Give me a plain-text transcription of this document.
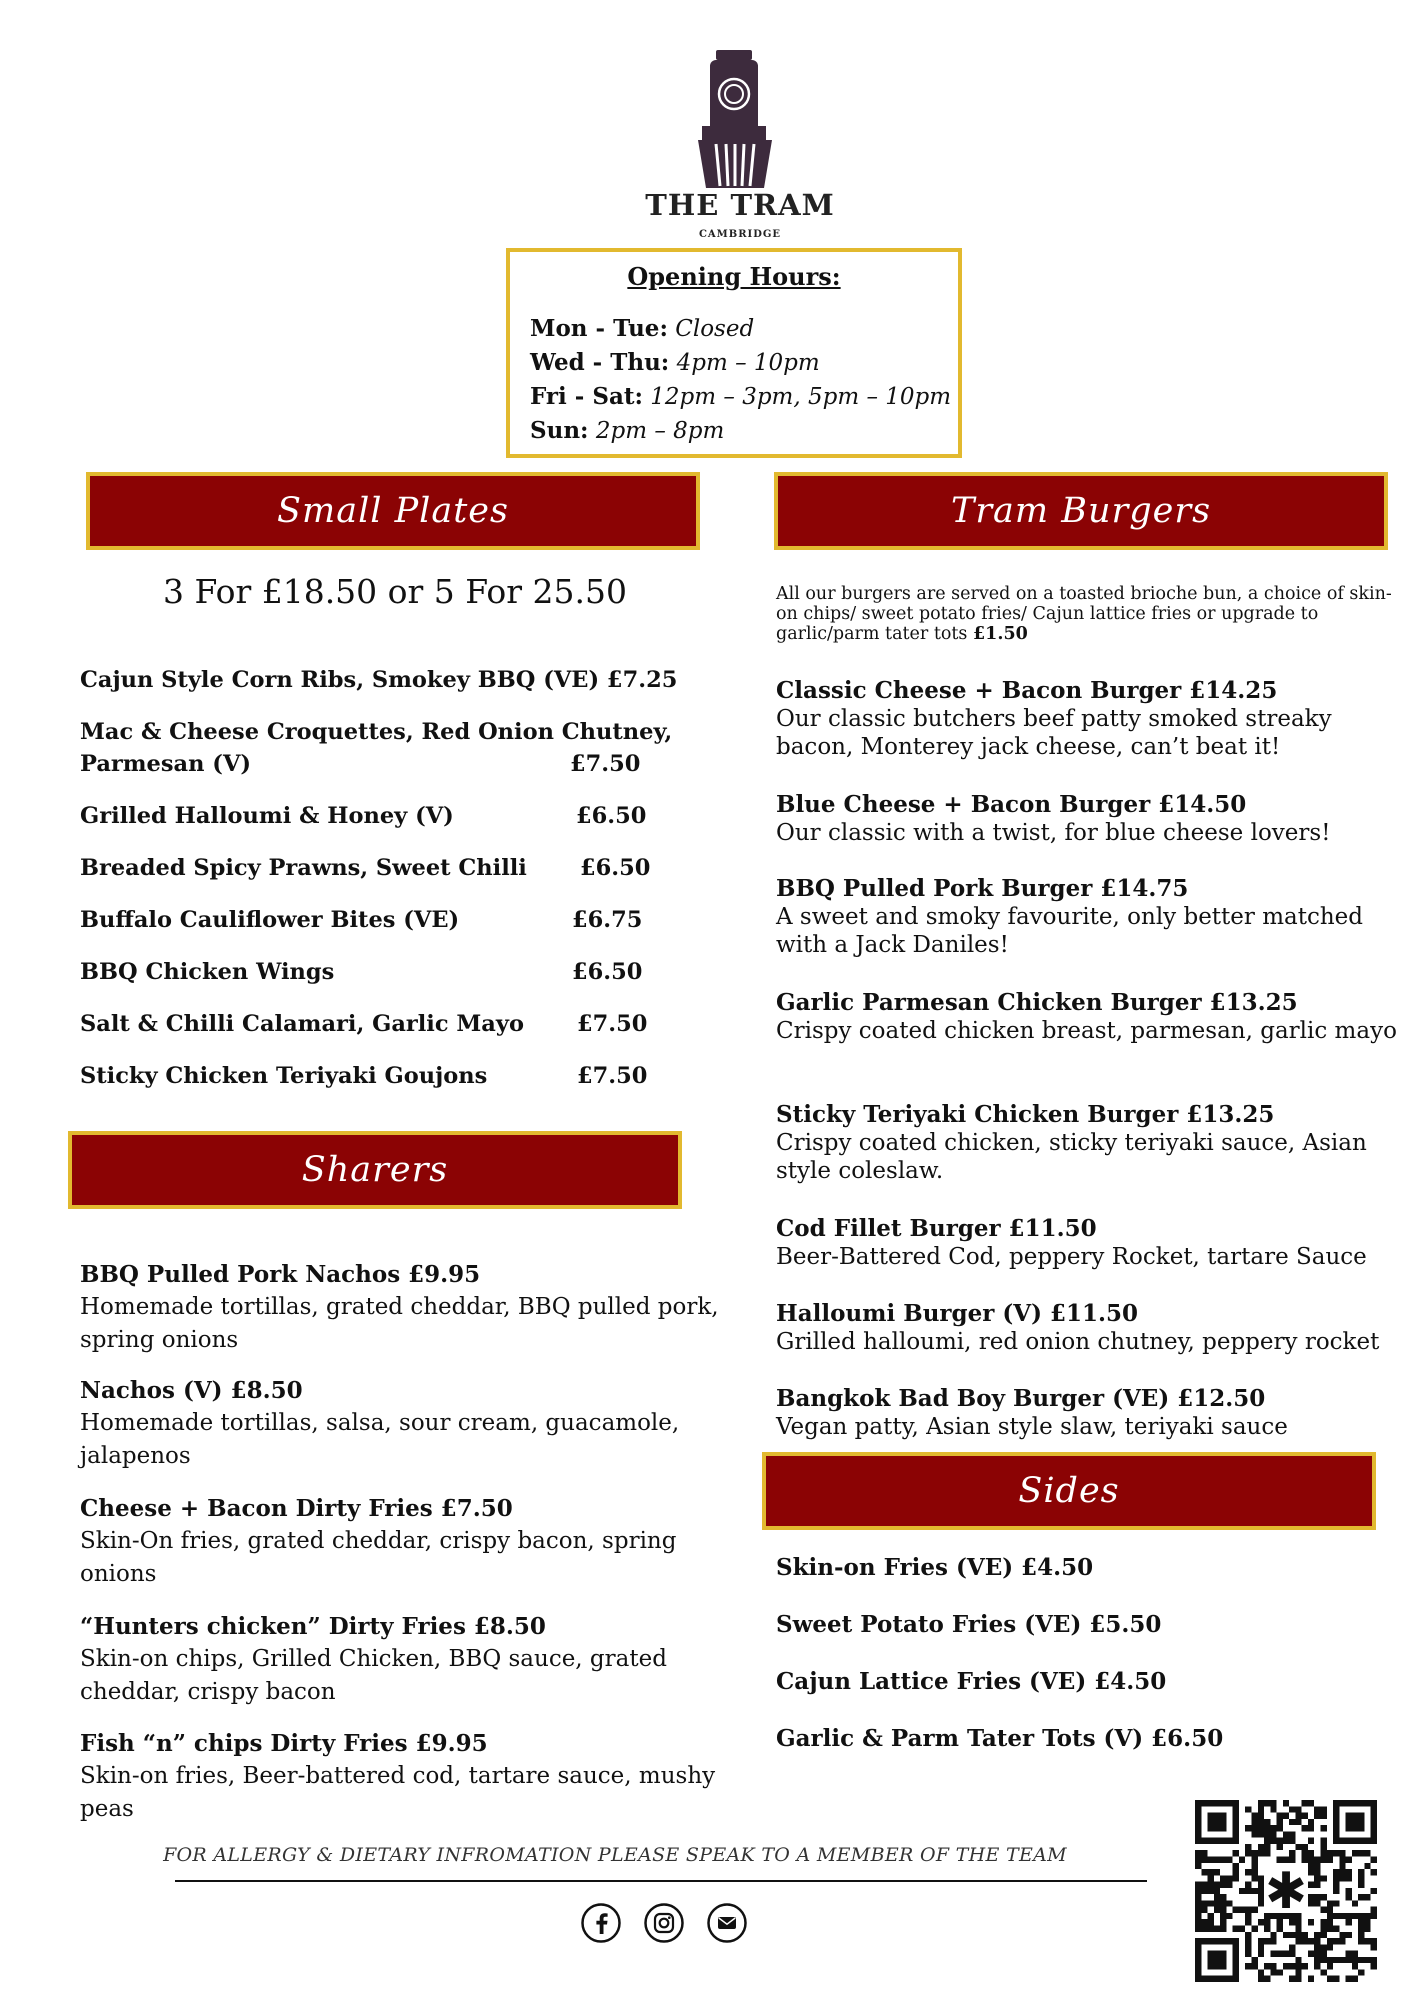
THE TRAM
CAMBRIDGE
Opening Hours:
Mon - Tue: Closed
Wed - Thu: 4pm – 10pm
Fri - Sat: 12pm – 3pm, 5pm – 10pm
Sun: 2pm – 8pm
Small Plates
3 For £18.50 or 5 For 25.50
Cajun Style Corn Ribs, Smokey BBQ (VE) £7.25
Mac & Cheese Croquettes, Red Onion Chutney,
Parmesan (V)	£7.50
Grilled Halloumi & Honey (V)	£6.50
Breaded Spicy Prawns, Sweet Chilli £6.50
Buffalo Cauliflower Bites (VE)	£6.75
BBQ Chicken Wings	£6.50
Salt & Chilli Calamari, Garlic Mayo £7.50
Sticky Chicken Teriyaki Goujons	£7.50
Sharers
BBQ Pulled Pork Nachos £9.95
Homemade tortillas, grated cheddar, BBQ pulled pork, spring onions
Nachos (V) £8.50
Homemade tortillas, salsa, sour cream, guacamole, jalapenos
Cheese + Bacon Dirty Fries £7.50
Skin-On fries, grated cheddar, crispy bacon, spring onions
“Hunters chicken” Dirty Fries £8.50
Skin-on chips, Grilled Chicken, BBQ sauce, grated cheddar, crispy bacon
Fish “n” chips Dirty Fries £9.95
Skin-on fries, Beer-battered cod, tartare sauce, mushy peas
Tram Burgers
All our burgers are served on a toasted brioche bun, a choice of skin-on chips/ sweet potato fries/ Cajun lattice fries or upgrade to garlic/parm tater tots £1.50
Classic Cheese + Bacon Burger £14.25
Our classic butchers beef patty smoked streaky bacon, Monterey jack cheese, can’t beat it!
Blue Cheese + Bacon Burger £14.50
Our classic with a twist, for blue cheese lovers!
BBQ Pulled Pork Burger £14.75
A sweet and smoky favourite, only better matched with a Jack Daniles!
Garlic Parmesan Chicken Burger £13.25
Crispy coated chicken breast, parmesan, garlic mayo
Sticky Teriyaki Chicken Burger £13.25
Crispy coated chicken, sticky teriyaki sauce, Asian style coleslaw.
Cod Fillet Burger £11.50
Beer-Battered Cod, peppery Rocket, tartare Sauce
Halloumi Burger (V) £11.50
Grilled halloumi, red onion chutney, peppery rocket
Bangkok Bad Boy Burger (VE) £12.50
Vegan patty, Asian style slaw, teriyaki sauce
Sides
Skin-on Fries (VE) £4.50
Sweet Potato Fries (VE) £5.50
Cajun Lattice Fries (VE) £4.50
Garlic & Parm Tater Tots (V) £6.50
FOR ALLERGY & DIETARY INFROMATION PLEASE SPEAK TO A MEMBER OF THE TEAM
✱
